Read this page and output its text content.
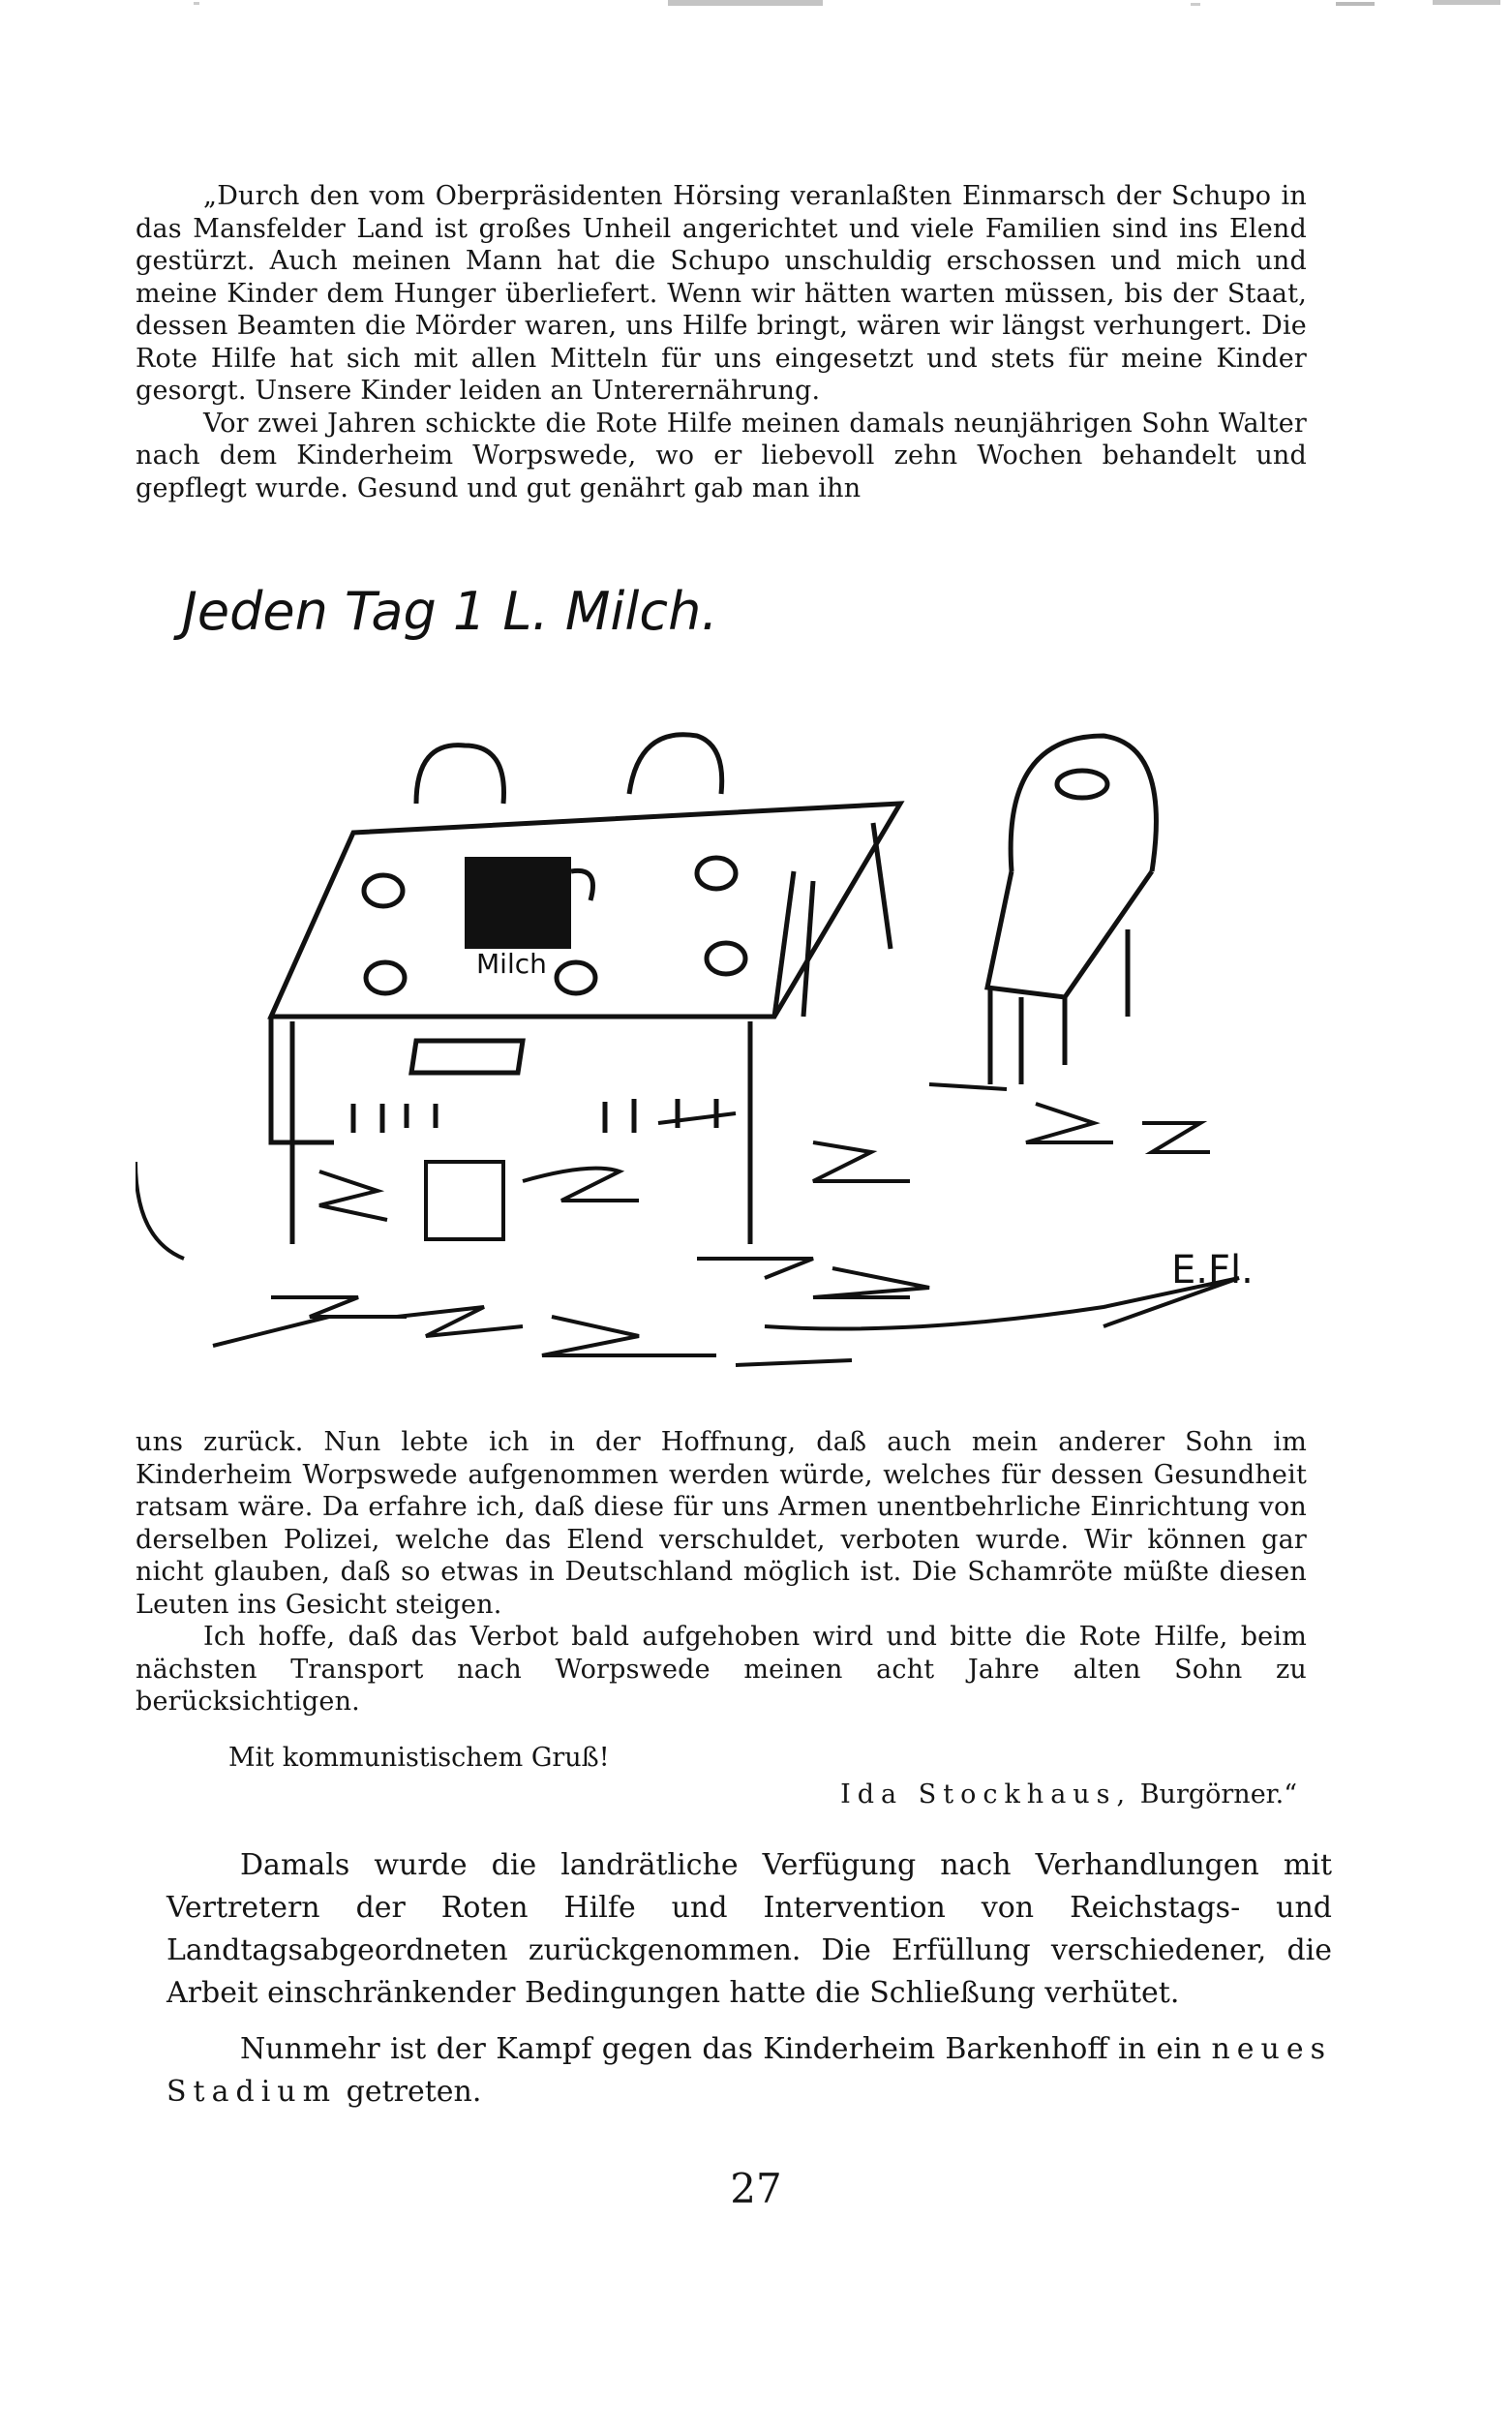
„Durch den vom Oberpräsidenten Hörsing veranlaßten Einmarsch der Schupo in das Mansfelder Land ist großes Unheil angerichtet und viele Familien sind ins Elend gestürzt. Auch meinen Mann hat die Schupo unschuldig erschossen und mich und meine Kinder dem Hunger überliefert. Wenn wir hätten warten müssen, bis der Staat, dessen Beamten die Mörder waren, uns Hilfe bringt, wären wir längst verhungert. Die Rote Hilfe hat sich mit allen Mitteln für uns eingesetzt und stets für meine Kinder gesorgt. Unsere Kinder leiden an Unterernährung.

Vor zwei Jahren schickte die Rote Hilfe meinen damals neunjährigen Sohn Walter nach dem Kinderheim Worpswede, wo er liebevoll zehn Wochen behandelt und gepflegt wurde. Gesund und gut genährt gab man ihn

Jeden Tag 1 L. Milch.
Milch
E.Fl.

uns zurück. Nun lebte ich in der Hoffnung, daß auch mein anderer Sohn im Kinderheim Worpswede aufgenommen werden würde, welches für dessen Gesundheit ratsam wäre. Da erfahre ich, daß diese für uns Armen unentbehrliche Einrichtung von derselben Polizei, welche das Elend verschuldet, verboten wurde. Wir können gar nicht glauben, daß so etwas in Deutschland möglich ist. Die Schamröte müßte diesen Leuten ins Gesicht steigen.

Ich hoffe, daß das Verbot bald aufgehoben wird und bitte die Rote Hilfe, beim nächsten Transport nach Worpswede meinen acht Jahre alten Sohn zu berücksichtigen.

Mit kommunistischem Gruß!
Ida Stockhaus, Burgörner.“

Damals wurde die landrätliche Verfügung nach Verhandlungen mit Vertretern der Roten Hilfe und Intervention von Reichstags- und Landtagsabgeordneten zurückgenommen. Die Erfüllung verschiedener, die Arbeit einschränkender Bedingungen hatte die Schließung verhütet.

Nunmehr ist der Kampf gegen das Kinderheim Barkenhoff in ein neues Stadium getreten.

27
